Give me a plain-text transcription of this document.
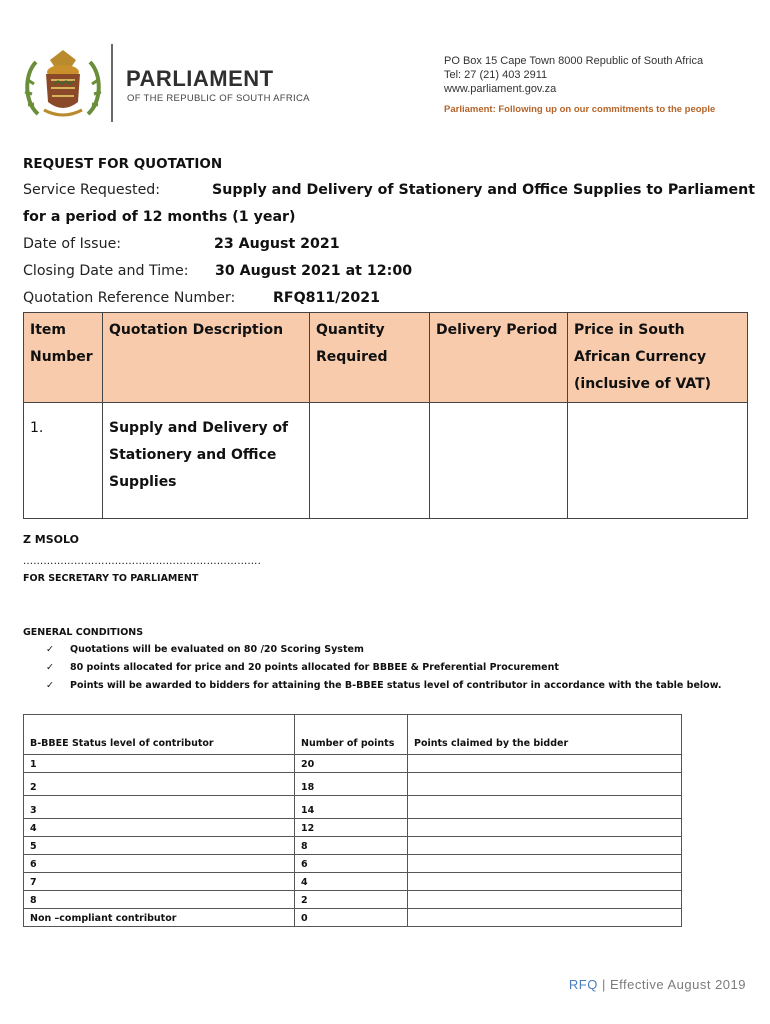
PARLIAMENT
OF THE REPUBLIC OF SOUTH AFRICA
PO Box 15 Cape Town 8000 Republic of South Africa
Tel: 27 (21) 403 2911
www.parliament.gov.za
Parliament: Following up on our commitments to the people
REQUEST FOR QUOTATION
Service Requested:	Supply and Delivery of Stationery and Office Supplies to Parliament
for a period of 12 months (1 year)
Date of Issue:	23 August 2021
Closing Date and Time: 30 August 2021 at 12:00
Quotation Reference Number:	RFQ811/2021
Item Number	Quotation Description	Quantity Required	Delivery Period	Price in South African Currency (inclusive of VAT)
1.	Supply and Delivery of Stationery and Office Supplies			
Z MSOLO
…………………………………………………………….
FOR SECRETARY TO PARLIAMENT
GENERAL CONDITIONS
✓ Quotations will be evaluated on 80 /20 Scoring System
✓ 80 points allocated for price and 20 points allocated for BBBEE & Preferential Procurement
✓ Points will be awarded to bidders for attaining the B-BBEE status level of contributor in accordance with the table below.
B-BBEE Status level of contributor	Number of points	Points claimed by the bidder
1	20	
2	18	
3	14	
4	12	
5	8	
6	6	
7	4	
8	2	
Non –compliant contributor	0	
RFQ | Effective August 2019
